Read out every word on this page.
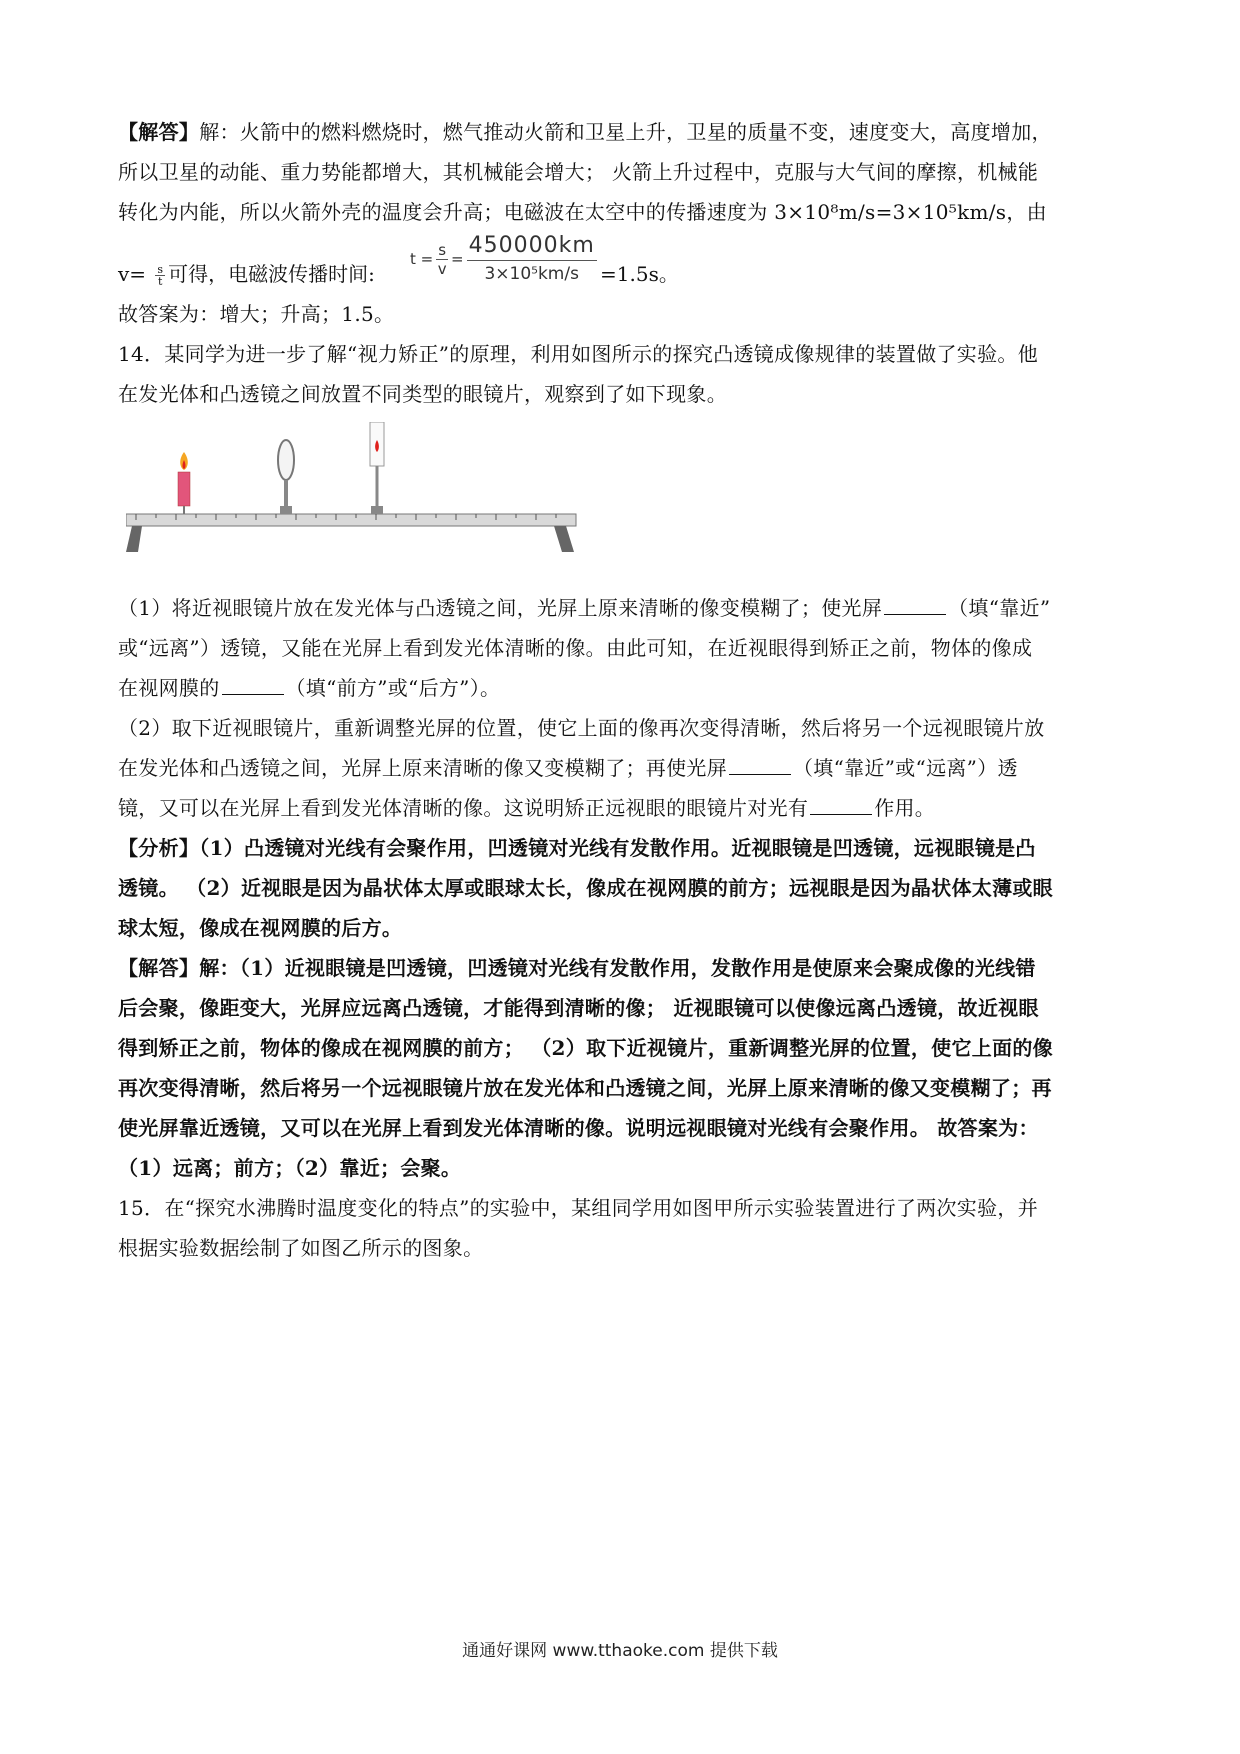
【解答】解：火箭中的燃料燃烧时，燃气推动火箭和卫星上升，卫星的质量不变，速度变大，高度增加，
所以卫星的动能、重力势能都增大，其机械能会增大； 火箭上升过程中，克服与大气间的摩擦，机械能
转化为内能，所以火箭外壳的温度会升高；电磁波在太空中的传播速度为 3×10⁸m/s=3×10⁵km/s，由
$v= \frac{s}{t}$ 可得，电磁波传播时间:
$t = \frac{s}{v} = \frac{450000km}{\text{3×10⁵km/s}} =1.5s$。
故答案为：增大；升高；1.5。
14．某同学为进一步了解“视力矫正”的原理，利用如图所示的探究凸透镜成像规律的装置做了实验。他
在发光体和凸透镜之间放置不同类型的眼镜片，观察到了如下现象。
（1）将近视眼镜片放在发光体与凸透镜之间，光屏上原来清晰的像变模糊了；使光屏	（填“靠近”
或“远离”）透镜，又能在光屏上看到发光体清晰的像。由此可知，在近视眼得到矫正之前，物体的像成
在视网膜的	（填“前方”或“后方”）。
（2）取下近视眼镜片，重新调整光屏的位置，使它上面的像再次变得清晰，然后将另一个远视眼镜片放
在发光体和凸透镜之间，光屏上原来清晰的像又变模糊了；再使光屏	（填“靠近”或“远离”）透
镜，又可以在光屏上看到发光体清晰的像。这说明矫正远视眼的眼镜片对光有	作用。
【分析】（1）凸透镜对光线有会聚作用，凹透镜对光线有发散作用。近视眼镜是凹透镜，远视眼镜是凸
透镜。 （2）近视眼是因为晶状体太厚或眼球太长，像成在视网膜的前方；远视眼是因为晶状体太薄或眼
球太短，像成在视网膜的后方。
【解答】解：（1）近视眼镜是凹透镜，凹透镜对光线有发散作用，发散作用是使原来会聚成像的光线错
后会聚，像距变大，光屏应远离凸透镜，才能得到清晰的像； 近视眼镜可以使像远离凸透镜，故近视眼
得到矫正之前，物体的像成在视网膜的前方； （2）取下近视镜片，重新调整光屏的位置，使它上面的像
再次变得清晰，然后将另一个远视眼镜片放在发光体和凸透镜之间，光屏上原来清晰的像又变模糊了；再
使光屏靠近透镜，又可以在光屏上看到发光体清晰的像。说明远视眼镜对光线有会聚作用。 故答案为：
（1）远离；前方；（2）靠近；会聚。
15．在“探究水沸腾时温度变化的特点”的实验中，某组同学用如图甲所示实验装置进行了两次实验，并
根据实验数据绘制了如图乙所示的图象。
通通好课网 www.tthaoke.com 提供下载
